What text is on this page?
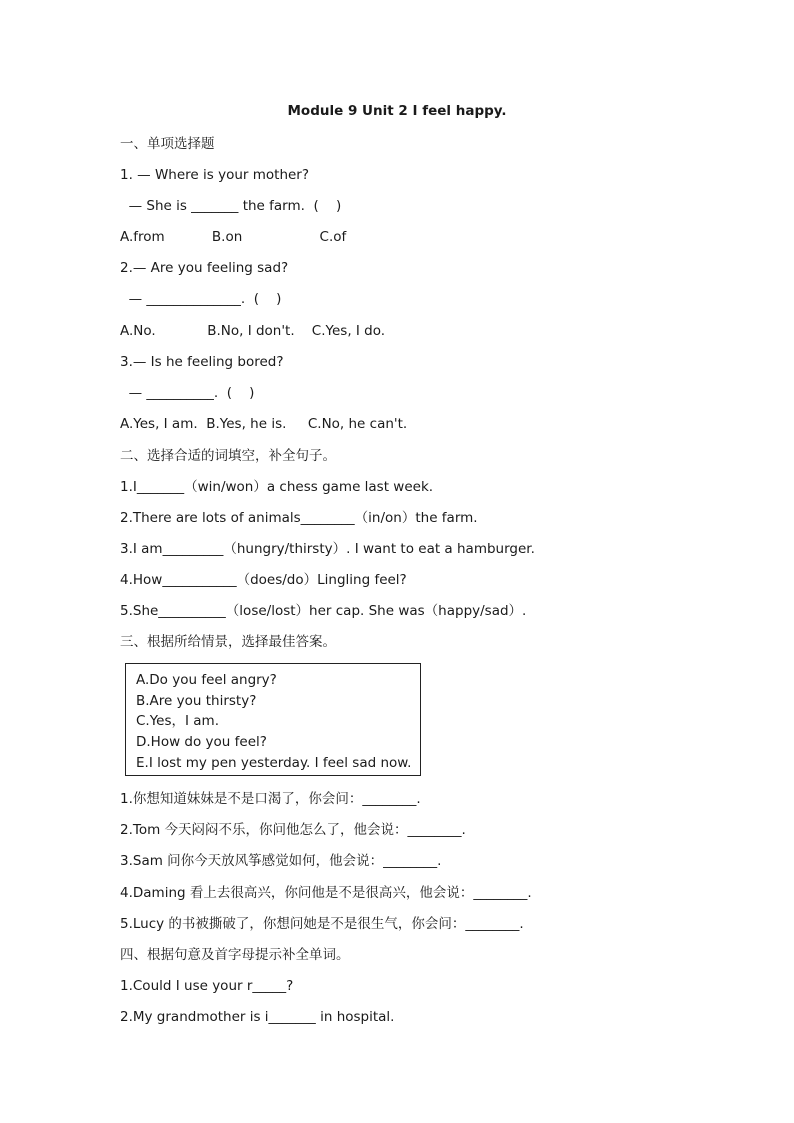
Module 9 Unit 2 I feel happy.
一、单项选择题
1. — Where is your mother?
— She is _______ the farm.  (    )
A.from           B.on                  C.of
2.— Are you feeling sad?
— ______________.  (    )
A.No.            B.No, I don't.    C.Yes, I do.
3.— Is he feeling bored?
— __________.  (    )
A.Yes, I am.  B.Yes, he is.     C.No, he can't.
二、选择合适的词填空，补全句子。
1.I_______（win/won）a chess game last week.
2.There are lots of animals________（in/on）the farm.
3.I am_________（hungry/thirsty）. I want to eat a hamburger.
4.How___________（does/do）Lingling feel?
5.She__________（lose/lost）her cap. She was（happy/sad）.
三、根据所给情景，选择最佳答案。
A.Do you feel angry?
B.Are you thirsty?
C.Yes，I am.
D.How do you feel?
E.I lost my pen yesterday. I feel sad now.
1.你想知道妹妹是不是口渴了，你会问：________.
2.Tom 今天闷闷不乐，你问他怎么了，他会说：________.
3.Sam 问你今天放风筝感觉如何，他会说：________.
4.Daming 看上去很高兴，你问他是不是很高兴，他会说：________.
5.Lucy 的书被撕破了，你想问她是不是很生气，你会问：________.
四、根据句意及首字母提示补全单词。
1.Could I use your r_____?
2.My grandmother is i_______ in hospital.
